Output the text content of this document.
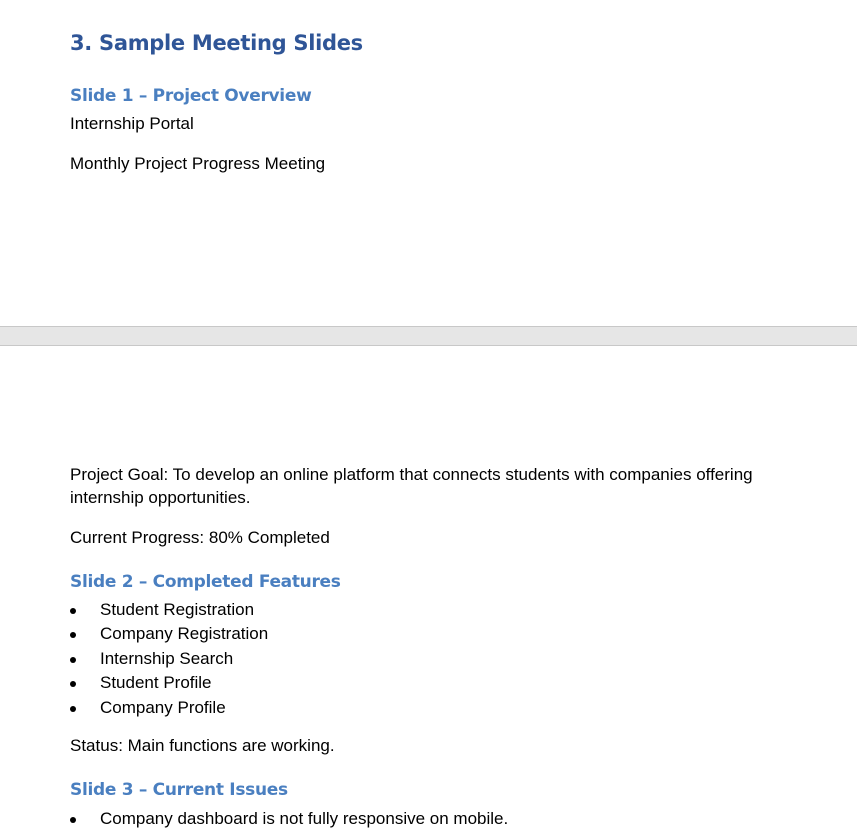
3. Sample Meeting Slides
Slide 1 – Project Overview

Internship Portal

Monthly Project Progress Meeting

Project Goal: To develop an online platform that connects students with companies offering internship opportunities.

Current Progress: 80% Completed

Slide 2 – Completed Features
Student Registration
Company Registration
Internship Search
Student Profile
Company Profile

Status: Main functions are working.

Slide 3 – Current Issues
Company dashboard is not fully responsive on mobile.
